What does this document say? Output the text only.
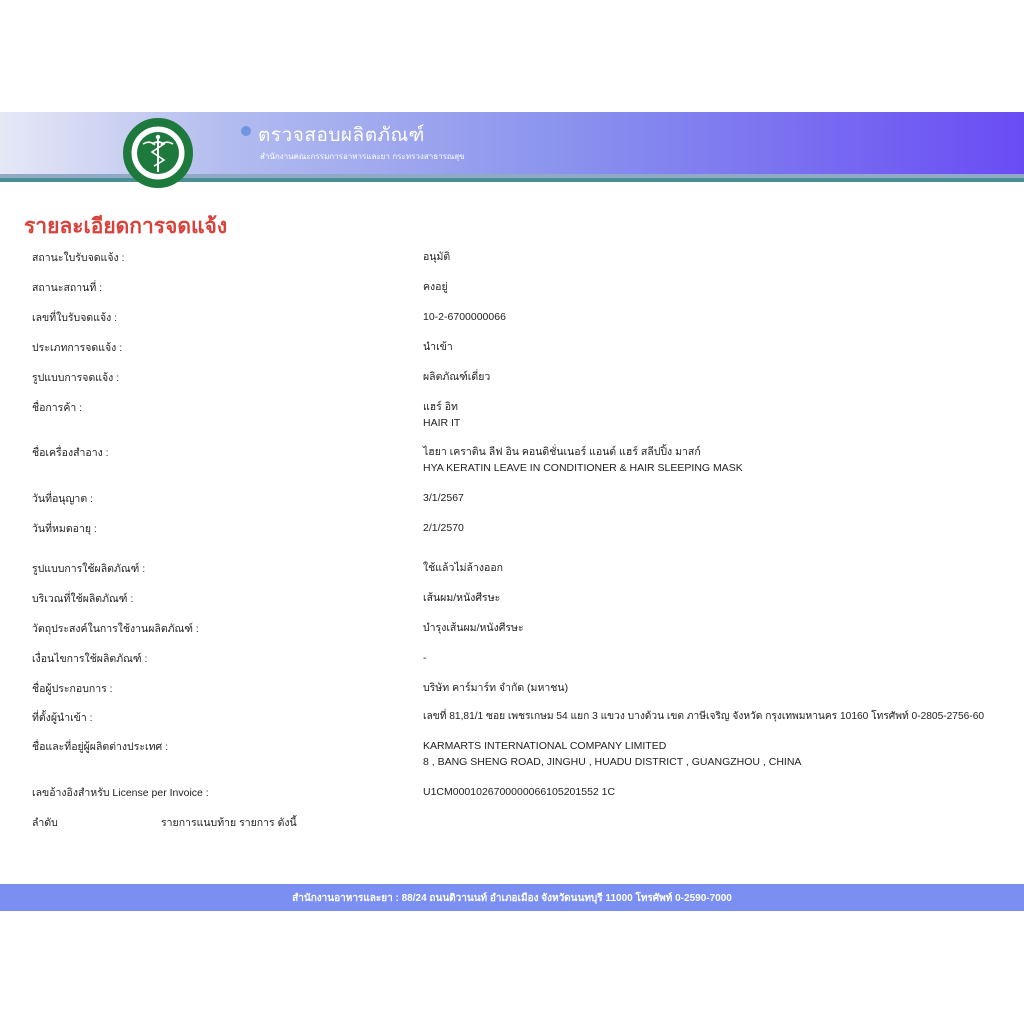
ตรวจสอบผลิตภัณฑ์
สำนักงานคณะกรรมการอาหารและยา กระทรวงสาธารณสุข
รายละเอียดการจดแจ้ง
สถานะใบรับจดแจ้ง :	อนุมัติ
สถานะสถานที่ :	คงอยู่
เลขที่ใบรับจดแจ้ง :	10-2-6700000066
ประเภทการจดแจ้ง :	นำเข้า
รูปแบบการจดแจ้ง :	ผลิตภัณฑ์เดี่ยว
ชื่อการค้า :	แฮร์ อิท
HAIR IT
ชื่อเครื่องสำอาง :	ไฮยา เคราติน ลีฟ อิน คอนดิชั่นเนอร์ แอนด์ แฮร์ สลีปปิ้ง มาสก์
HYA KERATIN LEAVE IN CONDITIONER & HAIR SLEEPING MASK
วันที่อนุญาต :	3/1/2567
วันที่หมดอายุ :	2/1/2570
รูปแบบการใช้ผลิตภัณฑ์ :	ใช้แล้วไม่ล้างออก
บริเวณที่ใช้ผลิตภัณฑ์ :	เส้นผม/หนังศีรษะ
วัตถุประสงค์ในการใช้งานผลิตภัณฑ์ :	บำรุงเส้นผม/หนังศีรษะ
เงื่อนไขการใช้ผลิตภัณฑ์ :	-
ชื่อผู้ประกอบการ :	บริษัท คาร์มาร์ท จำกัด (มหาชน)
ที่ตั้งผู้นำเข้า :	เลขที่ 81,81/1 ซอย เพชรเกษม 54 แยก 3 แขวง บางด้วน เขต ภาษีเจริญ จังหวัด กรุงเทพมหานคร 10160 โทรศัพท์ 0-2805-2756-60
ชื่อและที่อยู่ผู้ผลิตต่างประเทศ :	KARMARTS INTERNATIONAL COMPANY LIMITED
8 , BANG SHENG ROAD, JINGHU , HUADU DISTRICT , GUANGZHOU , CHINA
เลขอ้างอิงสำหรับ License per Invoice :	U1CM0001026700000066105201552 1C
ลำดับ	รายการแนบท้าย รายการ ดังนี้
สำนักงานอาหารและยา : 88/24 ถนนติวานนท์ อำเภอเมือง จังหวัดนนทบุรี 11000 โทรศัพท์ 0-2590-7000
